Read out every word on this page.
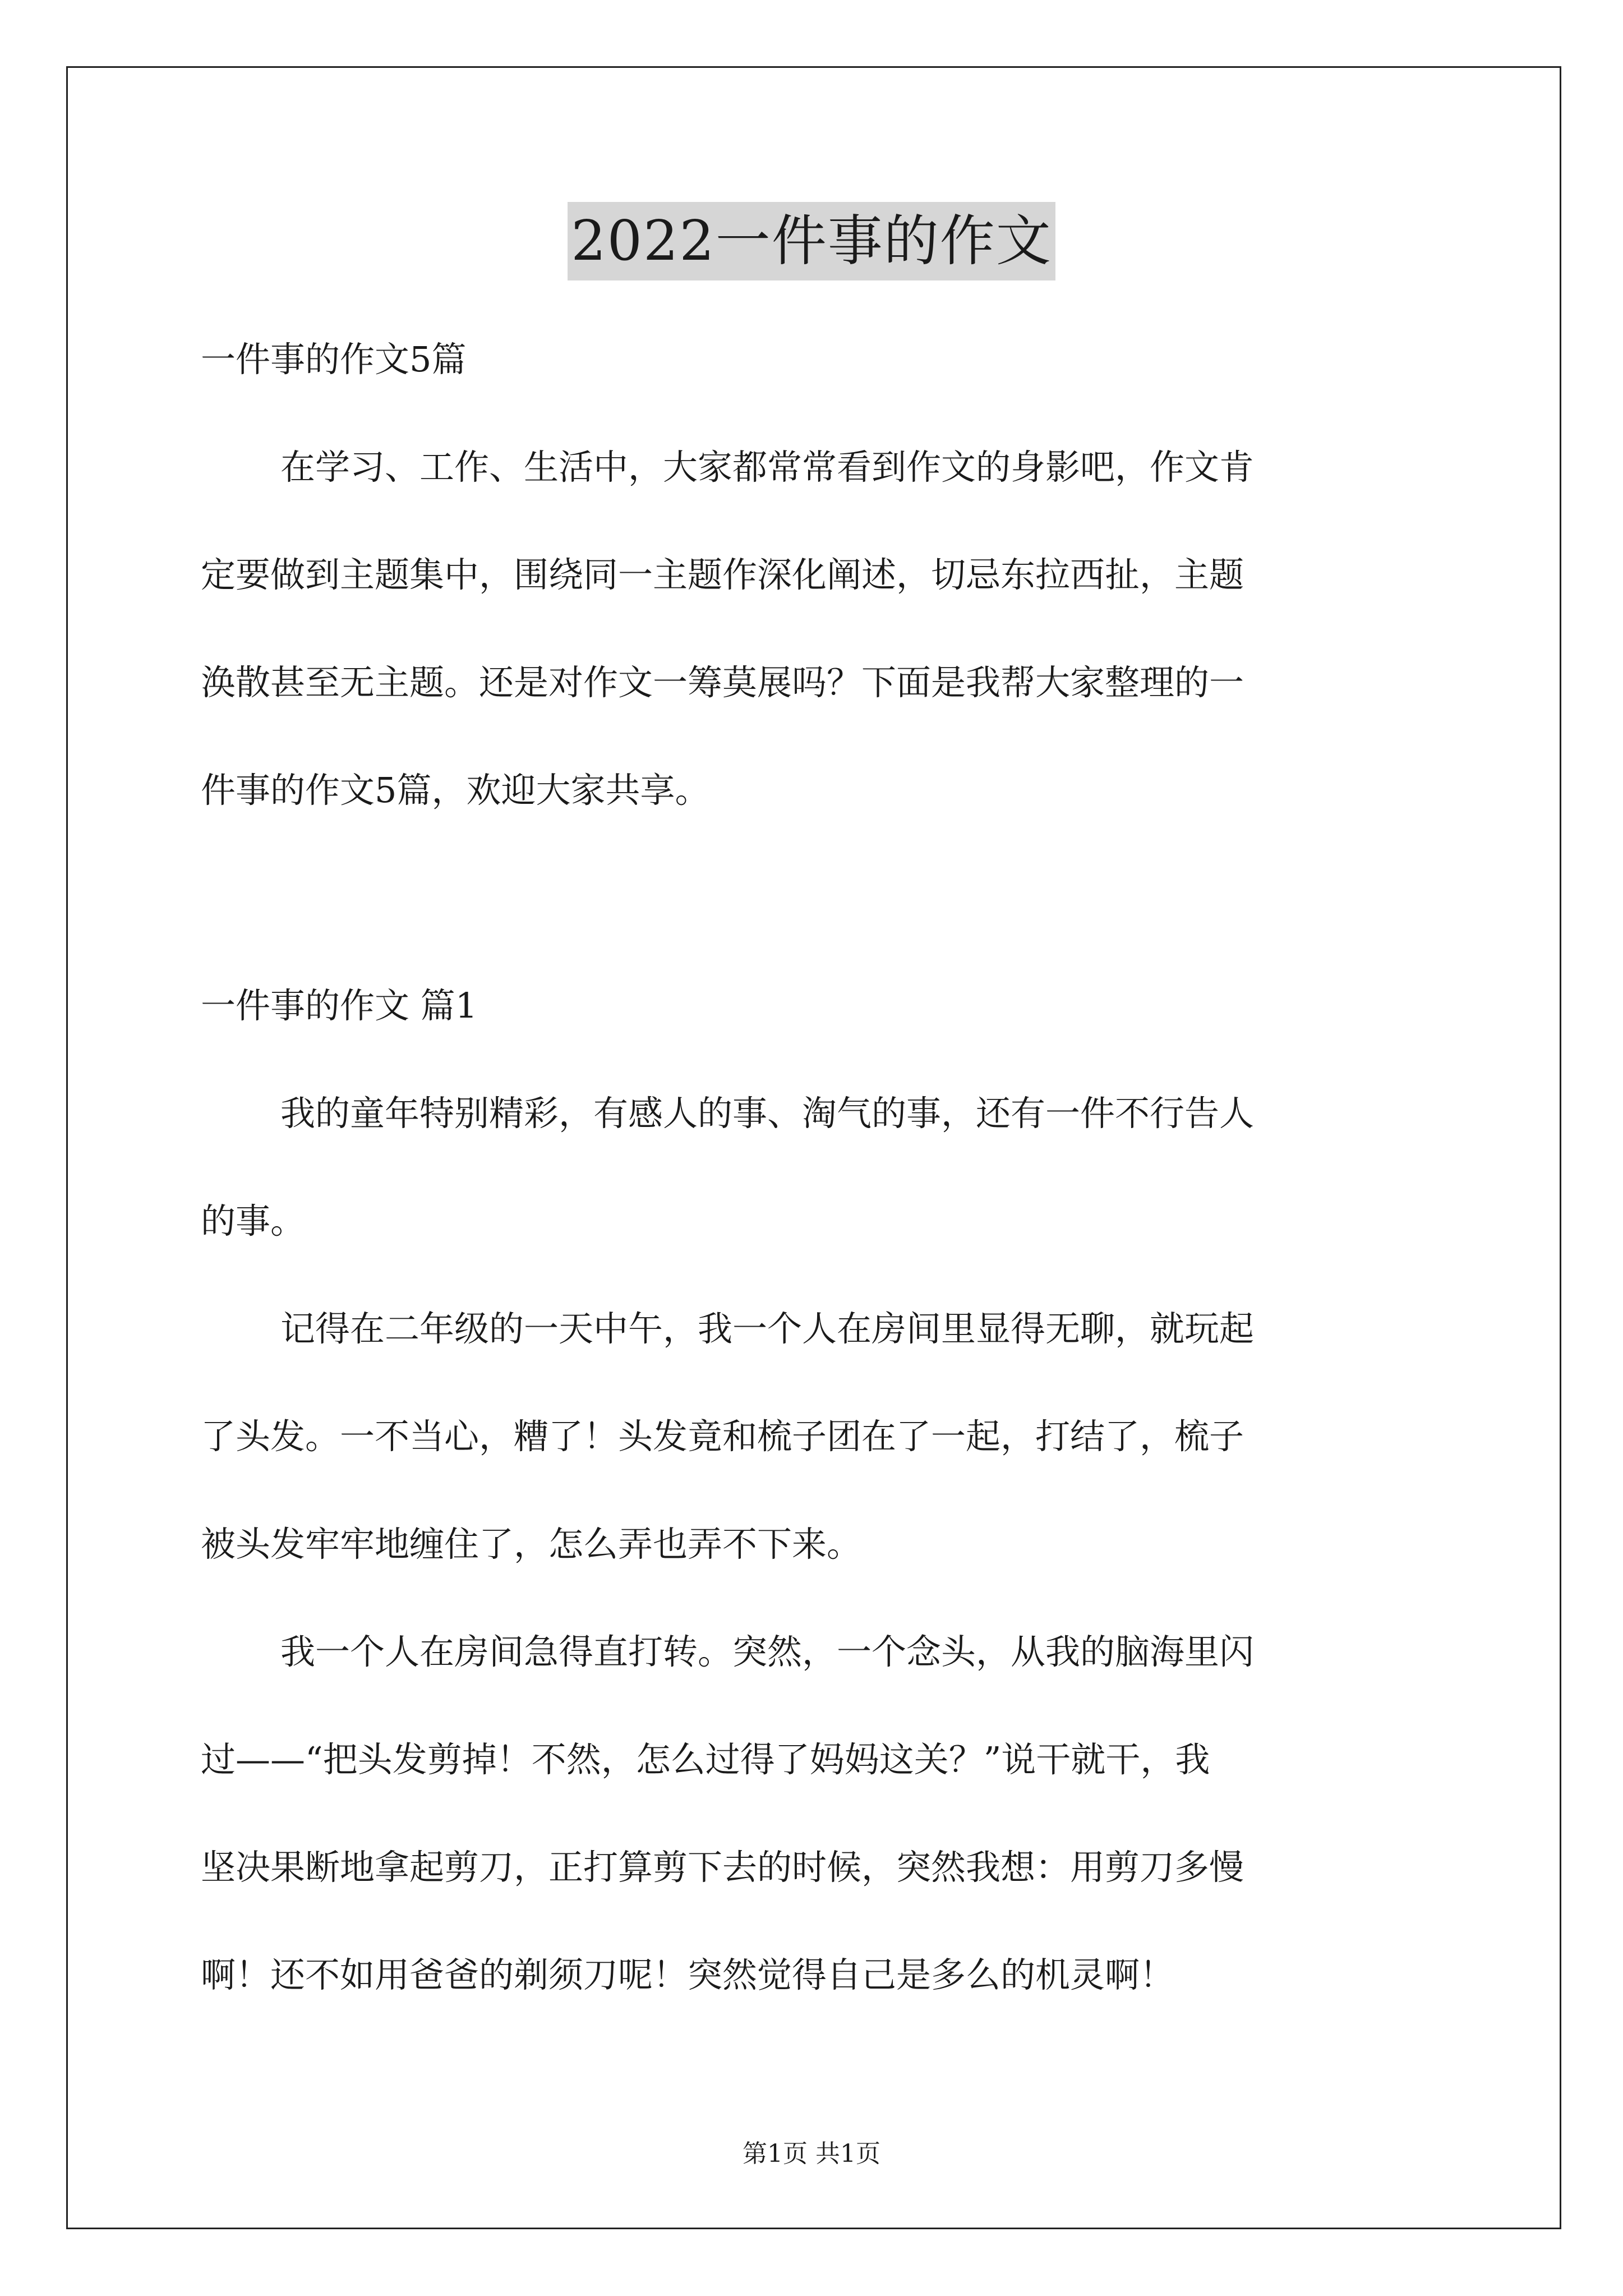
2022一件事的作文

一件事的作文5篇

在学习、工作、生活中，大家都常常看到作文的身影吧，作文肯

定要做到主题集中，围绕同一主题作深化阐述，切忌东拉西扯，主题

涣散甚至无主题。还是对作文一筹莫展吗？下面是我帮大家整理的一

件事的作文5篇，欢迎大家共享。

一件事的作文 篇1

我的童年特别精彩，有感人的事、淘气的事，还有一件不行告人

的事。

记得在二年级的一天中午，我一个人在房间里显得无聊，就玩起

了头发。一不当心，糟了！头发竟和梳子团在了一起，打结了，梳子

被头发牢牢地缠住了，怎么弄也弄不下来。

我一个人在房间急得直打转。突然，一个念头，从我的脑海里闪

过——“把头发剪掉！不然，怎么过得了妈妈这关？”说干就干，我

坚决果断地拿起剪刀，正打算剪下去的时候，突然我想：用剪刀多慢

啊！还不如用爸爸的剃须刀呢！突然觉得自己是多么的机灵啊！

第1页 共1页
